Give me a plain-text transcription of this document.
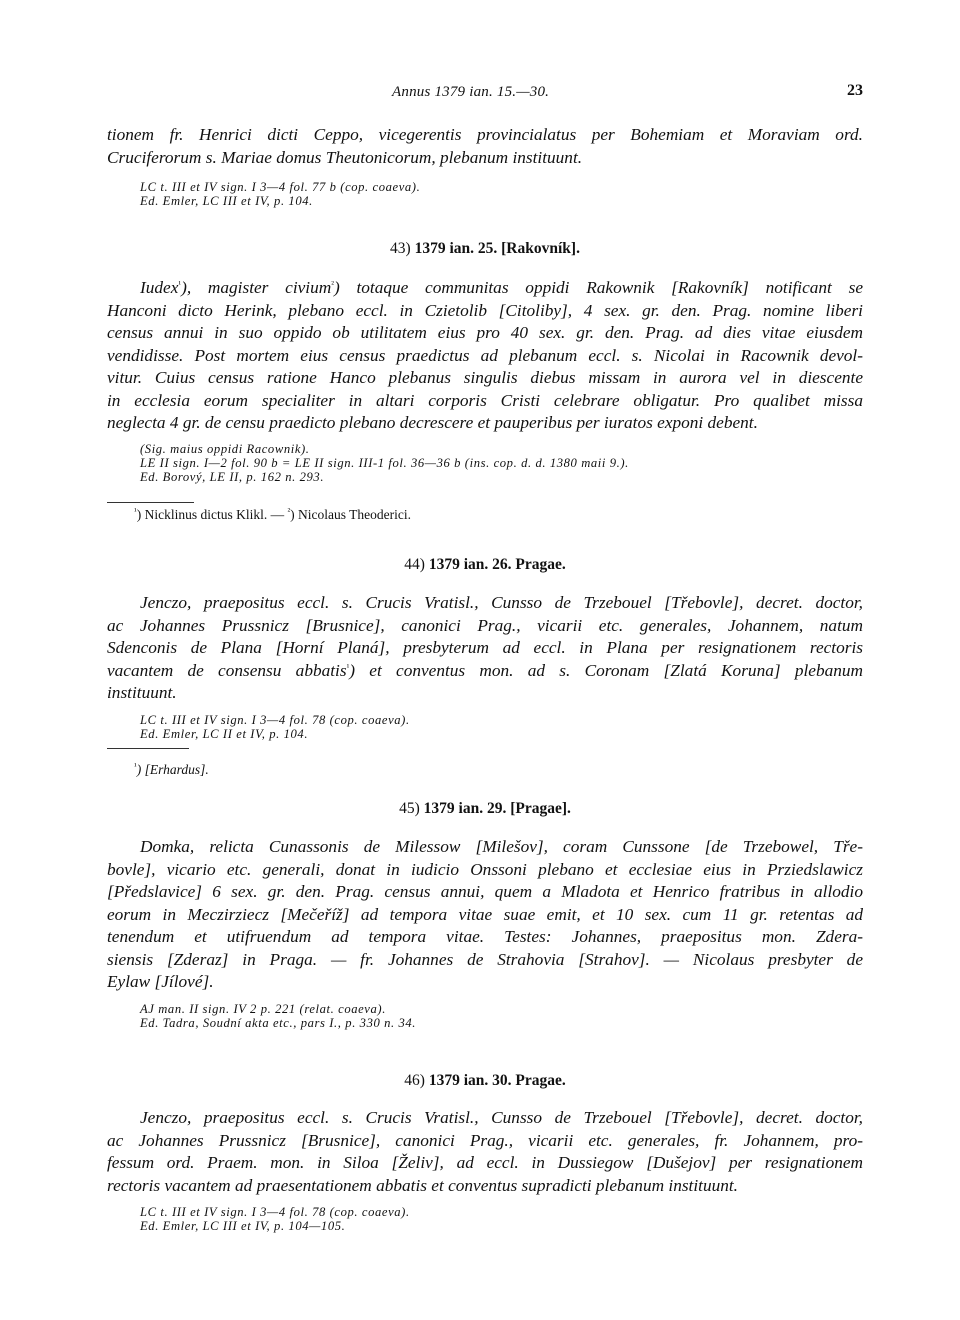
Annus 1379 ian. 15.—30.	23
tionem fr. Henrici dicti Ceppo, vicegerentis provincialatus per Bohemiam et Moraviam ord.
Cruciferorum s. Mariae domus Theutonicorum, plebanum instituunt.
LC t. III et IV sign. I 3—4 fol. 77 b (cop. coaeva).
Ed. Emler, LC III et IV, p. 104.
43) 1379 ian. 25. [Rakovník].
Iudex$^{^1}$), magister civium$^{^2}$) totaque communitas oppidi Rakownik [Rakovník] notificant se
Hanconi dicto Herink, plebano eccl. in Czietolib [Citoliby], 4 sex. gr. den. Prag. nomine liberi
census annui in suo oppido ob utilitatem eius pro 40 sex. gr. den. Prag. ad dies vitae eiusdem
vendidisse. Post mortem eius census praedictus ad plebanum eccl. s. Nicolai in Racownik devol-
vitur. Cuius census ratione Hanco plebanus singulis diebus missam in aurora vel in diescente
in ecclesia eorum specialiter in altari corporis Cristi celebrare obligatur. Pro qualibet missa
neglecta 4 gr. de censu praedicto plebano decrescere et pauperibus per iuratos exponi debent.
(Sig. maius oppidi Racownik).
LE II sign. I—2 fol. 90 b = LE II sign. III-1 fol. 36—36 b (ins. cop. d. d. 1380 maii 9.).
Ed. Borový, LE II, p. 162 n. 293.

$^{^1}$) Nicklinus dictus Klikl. — $^{^2}$) Nicolaus Theoderici.

44) 1379 ian. 26. Pragae.
Jenczo, praepositus eccl. s. Crucis Vratisl., Cunsso de Trzebouel [Třebovle], decret. doctor,
ac Johannes Prussnicz [Brusnice], canonici Prag., vicarii etc. generales, Johannem, natum
Sdenconis de Plana [Horní Planá], presbyterum ad eccl. in Plana per resignationem rectoris
vacantem de consensu abbatis$^{^1}$) et conventus mon. ad s. Coronam [Zlatá Koruna] plebanum
instituunt.
LC t. III et IV sign. I 3—4 fol. 78 (cop. coaeva).
Ed. Emler, LC II et IV, p. 104.

$^{^1}$) [Erhardus].

45) 1379 ian. 29. [Pragae].
Domka, relicta Cunassonis de Milessow [Milešov], coram Cunssone [de Trzebowel, Tře-
bovle], vicario etc. generali, donat in iudicio Onssoni plebano et ecclesiae eius in Prziedslawicz
[Předslavice] 6 sex. gr. den. Prag. census annui, quem a Mladota et Henrico fratribus in allodio
eorum in Meczirziecz [Mečeříž] ad tempora vitae suae emit, et 10 sex. cum 11 gr. retentas ad
tenendum et utifruendum ad tempora vitae. Testes: Johannes, praepositus mon. Zdera-
siensis [Zderaz] in Praga. — fr. Johannes de Strahovia [Strahov]. — Nicolaus presbyter de
Eylaw [Jílové].
AJ man. II sign. IV 2 p. 221 (relat. coaeva).
Ed. Tadra, Soudní akta etc., pars I., p. 330 n. 34.
46) 1379 ian. 30. Pragae.
Jenczo, praepositus eccl. s. Crucis Vratisl., Cunsso de Trzebouel [Třebovle], decret. doctor,
ac Johannes Prussnicz [Brusnice], canonici Prag., vicarii etc. generales, fr. Johannem, pro-
fessum ord. Praem. mon. in Siloa [Želiv], ad eccl. in Dussiegow [Dušejov] per resignationem
rectoris vacantem ad praesentationem abbatis et conventus supradicti plebanum instituunt.
LC t. III et IV sign. I 3—4 fol. 78 (cop. coaeva).
Ed. Emler, LC III et IV, p. 104—105.
